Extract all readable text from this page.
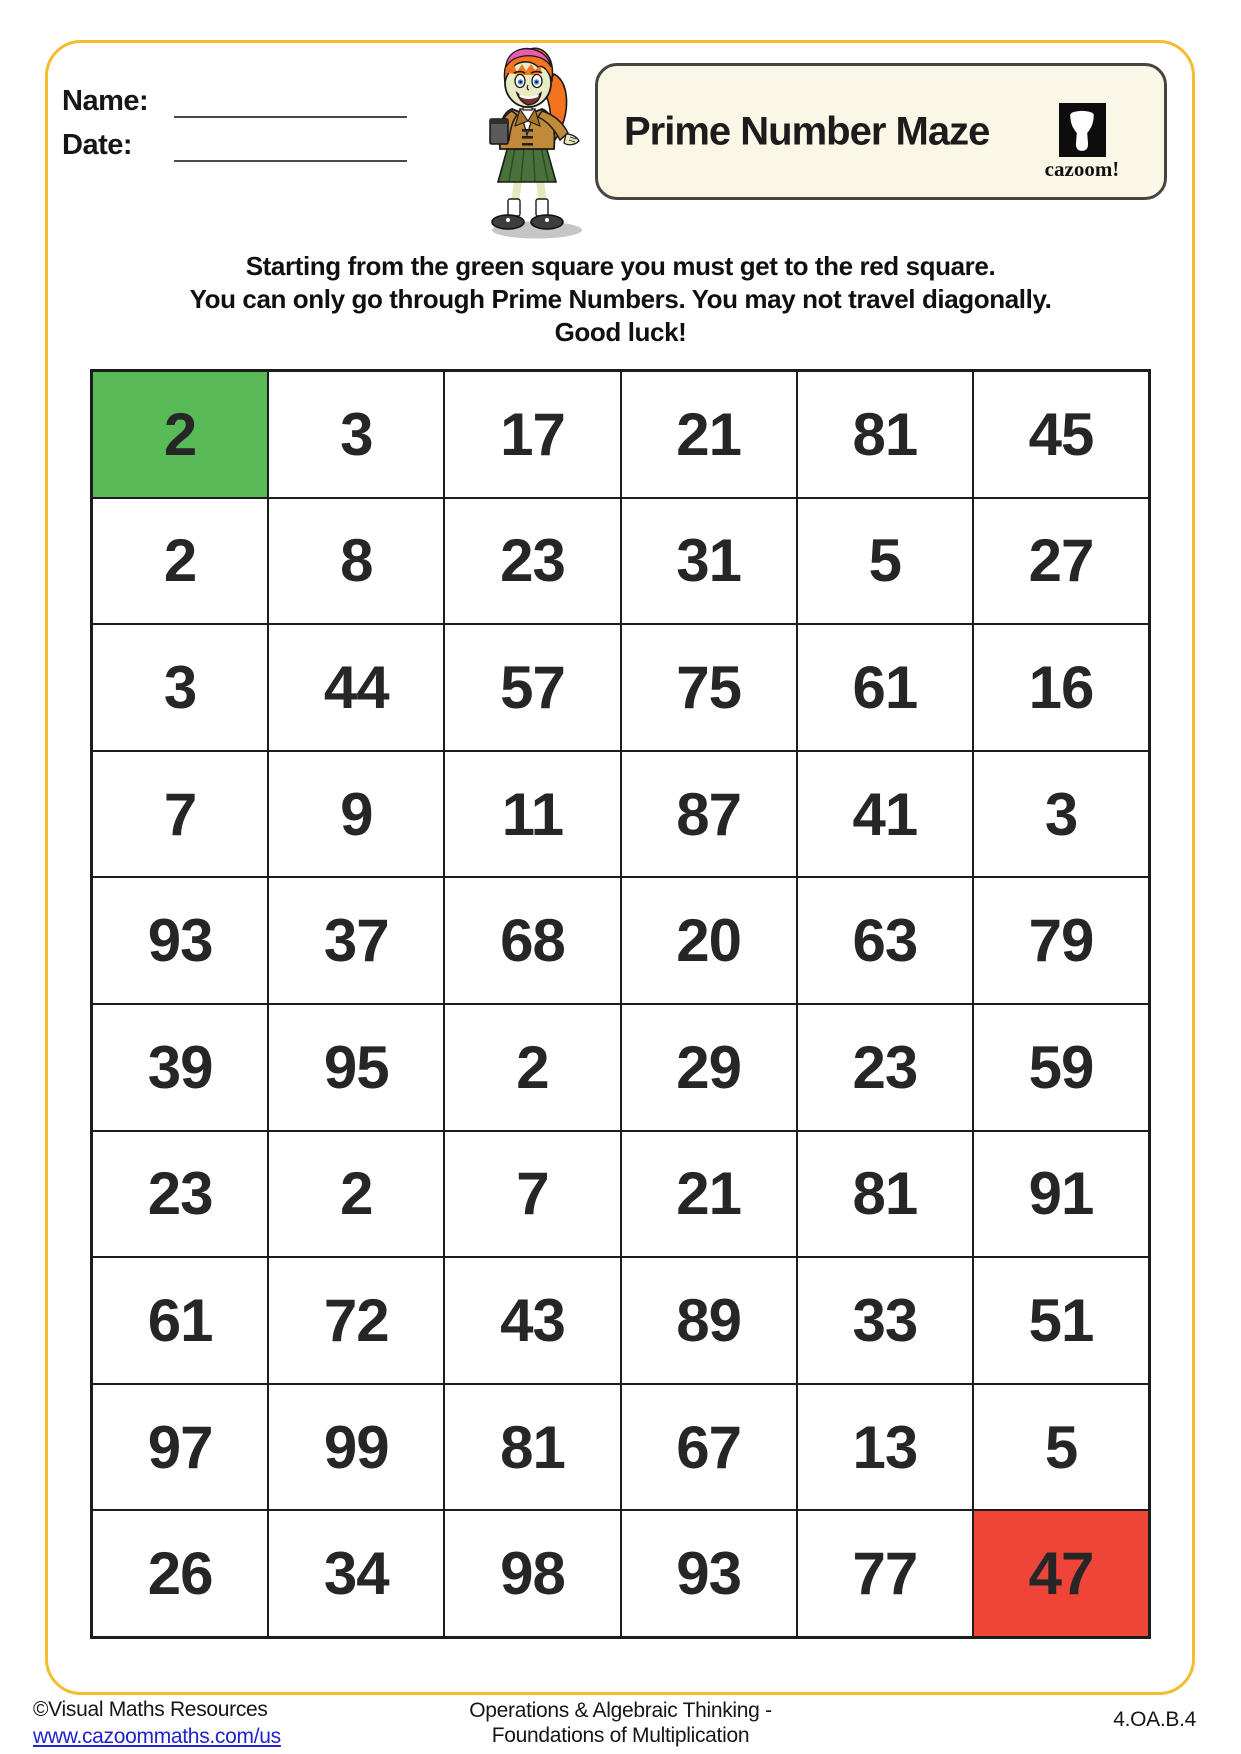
Name:
Date:	Prime Number Maze
cazoom!
Starting from the green square you must get to the red square.
You can only go through Prime Numbers. You may not travel diagonally.
Good luck!
2	3	17	21	81	45
2	8	23	31	5	27
3	44	57	75	61	16
7	9	11	87	41	3
93	37	68	20	63	79
39	95	2	29	23	59
23	2	7	21	81	91
61	72	43	89	33	51
97	99	81	67	13	5
26	34	98	93	77	47
©Visual Maths Resources
www.cazoommaths.com/us
Operations & Algebraic Thinking -
Foundations of Multiplication
4.OA.B.4
